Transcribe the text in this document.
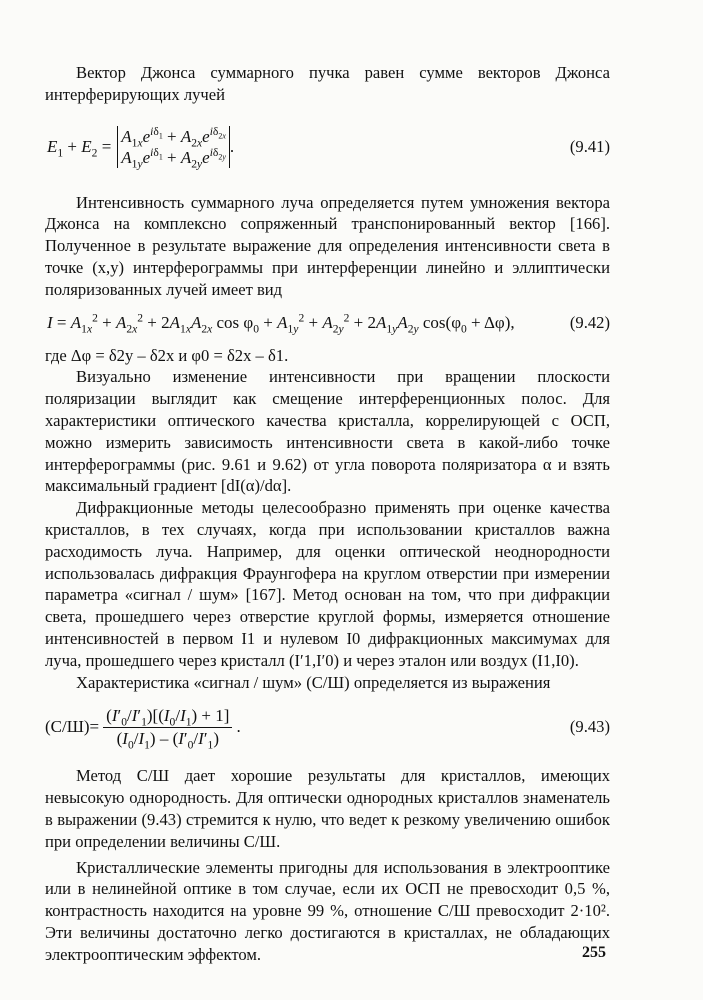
Вектор Джонса суммарного пучка равен сумме векторов Джонса интерферирующих лучей

$E_1 + E_2$ =
$A_{1x}e^{i\delta_1} + A_{2x}e^{i\delta_{2x}}$
$A_{1y}e^{i\delta_1} + A_{2y}e^{i\delta_{2y}}$
.	(9.41)

Интенсивность суммарного луча определяется путем умножения вектора Джонса на комплексно сопряженный транспонированный вектор [166]. Полученное в результате выражение для определения интенсивности света в точке (x,y) интерферограммы при интерференции линейно и эллиптически поляризованных лучей имеет вид

$I = A_{1x}^2 + A_{2x}^2 + 2A_{1x}A_{2x}$ $\cos \varphi_0 + A_{1y}^2 + A_{2y}^2 + 2A_{1y}A_{2y}$ $\cos(\varphi_0 + \Delta\varphi)$,	(9.42)

где Δφ = δ2y – δ2x и φ0 = δ2x – δ1.

Визуально изменение интенсивности при вращении плоскости поляризации выглядит как смещение интерференционных полос. Для характеристики оптического качества кристалла, коррелирующей с ОСП, можно измерить зависимость интенсивности света в какой-либо точке интерферограммы (рис. 9.61 и 9.62) от угла поворота поляризатора α и взять максимальный градиент [dI(α)/dα].

Дифракционные методы целесообразно применять при оценке качества кристаллов, в тех случаях, когда при использовании кристаллов важна расходимость луча. Например, для оценки оптической неоднородности использовалась дифракция Фраунгофера на круглом отверстии при измерении параметра «сигнал / шум» [167]. Метод основан на том, что при дифракции света, прошедшего через отверстие круглой формы, измеряется отношение интенсивностей в первом I1 и нулевом I0 дифракционных максимумах для луча, прошедшего через кристалл (I′1,I′0) и через эталон или воздух (I1,I0).

Характеристика «сигнал / шум» (С/Ш) определяется из выражения

$(С/Ш) = \frac{(I'_0/I'_1)[(I_0/I_1) + 1]}{(I_0/I_1) - (I'_0/I'_1)}$ .	(9.43)

Метод С/Ш дает хорошие результаты для кристаллов, имеющих невысокую однородность. Для оптически однородных кристаллов знаменатель в выражении (9.43) стремится к нулю, что ведет к резкому увеличению ошибок при определении величины С/Ш.

Кристаллические элементы пригодны для использования в электрооптике или в нелинейной оптике в том случае, если их ОСП не превосходит 0,5 %, контрастность находится на уровне 99 %, отношение С/Ш превосходит 2·10². Эти величины достаточно легко достигаются в кристаллах, не обладающих электрооптическим эффектом.	255
